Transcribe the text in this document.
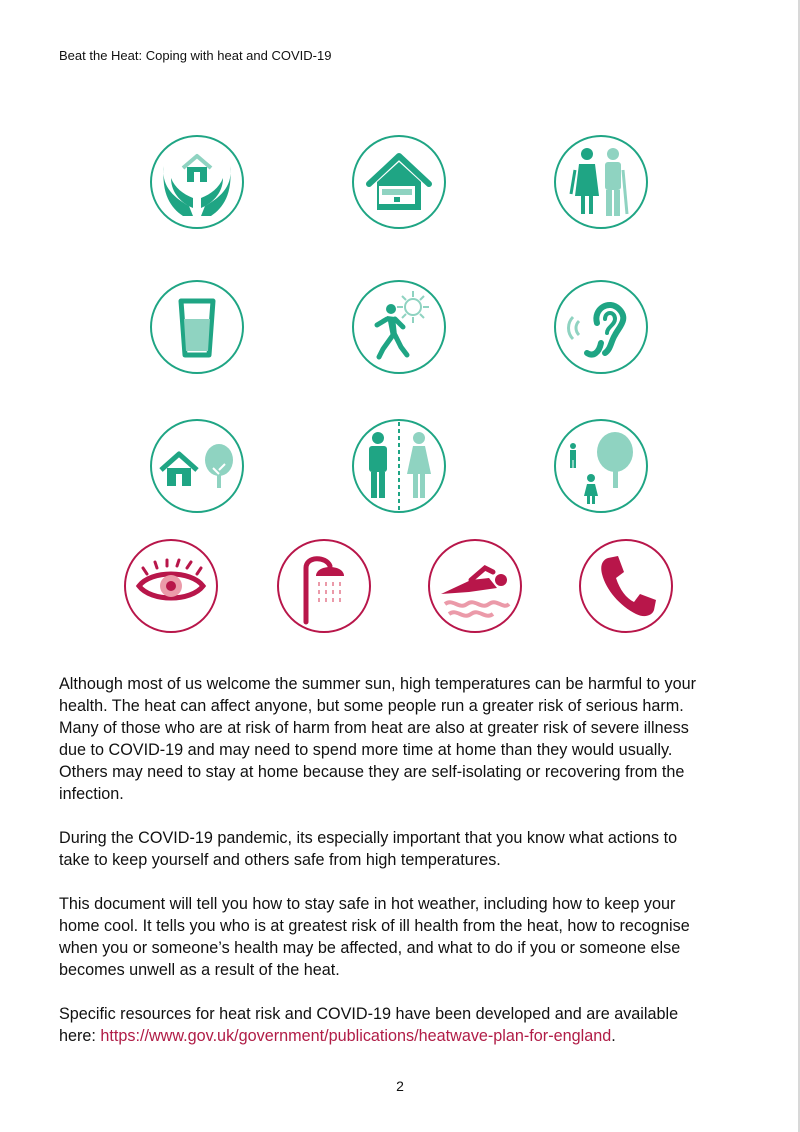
Beat the Heat: Coping with heat and COVID-19

Although most of us welcome the summer sun, high temperatures can be harmful to your health. The heat can affect anyone, but some people run a greater risk of serious harm. Many of those who are at risk of harm from heat are also at greater risk of severe illness due to COVID-19 and may need to spend more time at home than they would usually. Others may need to stay at home because they are self-isolating or recovering from the infection.

During the COVID-19 pandemic, its especially important that you know what actions to take to keep yourself and others safe from high temperatures.

This document will tell you how to stay safe in hot weather, including how to keep your home cool. It tells you who is at greatest risk of ill health from the heat, how to recognise when you or someone’s health may be affected, and what to do if you or someone else becomes unwell as a result of the heat.

Specific resources for heat risk and COVID-19 have been developed and are available here: https://www.gov.uk/government/publications/heatwave-plan-for-england.

2
